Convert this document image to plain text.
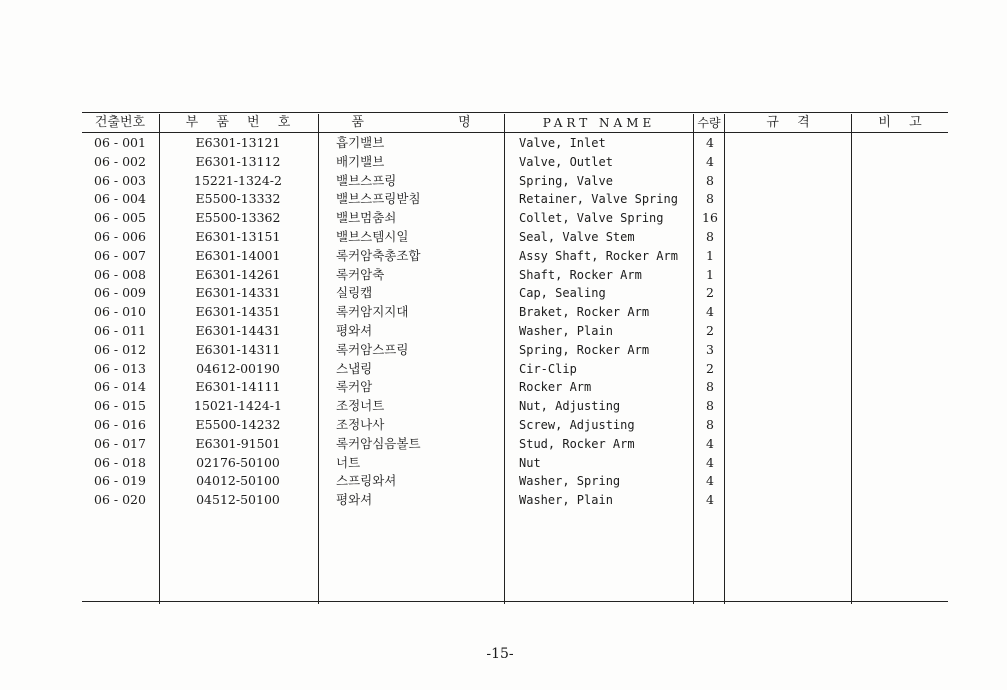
건출번호	부 품 번 호	품 명	PART NAME	수량	규 격	비 고
06 - 001	E6301-13121	흡기밸브	Valve, Inlet	4
06 - 002	E6301-13112	배기밸브	Valve, Outlet	4
06 - 003	15221-1324-2	밸브스프링	Spring, Valve	8
06 - 004	E5500-13332	밸브스프링받침	Retainer, Valve Spring	8
06 - 005	E5500-13362	밸브멈춤쇠	Collet, Valve Spring	16
06 - 006	E6301-13151	밸브스템시일	Seal, Valve Stem	8
06 - 007	E6301-14001	록커암축총조합	Assy Shaft, Rocker Arm	1
06 - 008	E6301-14261	록커암축	Shaft, Rocker Arm	1
06 - 009	E6301-14331	실링캡	Cap, Sealing	2
06 - 010	E6301-14351	록커암지지대	Braket, Rocker Arm	4
06 - 011	E6301-14431	평와셔	Washer, Plain	2
06 - 012	E6301-14311	록커암스프링	Spring, Rocker Arm	3
06 - 013	04612-00190	스냅링	Cir-Clip	2
06 - 014	E6301-14111	록커암	Rocker Arm	8
06 - 015	15021-1424-1	조정너트	Nut, Adjusting	8
06 - 016	E5500-14232	조정나사	Screw, Adjusting	8
06 - 017	E6301-91501	록커암심음볼트	Stud, Rocker Arm	4
06 - 018	02176-50100	너트	Nut	4
06 - 019	04012-50100	스프링와셔	Washer, Spring	4
06 - 020	04512-50100	평와셔	Washer, Plain	4
-15-
